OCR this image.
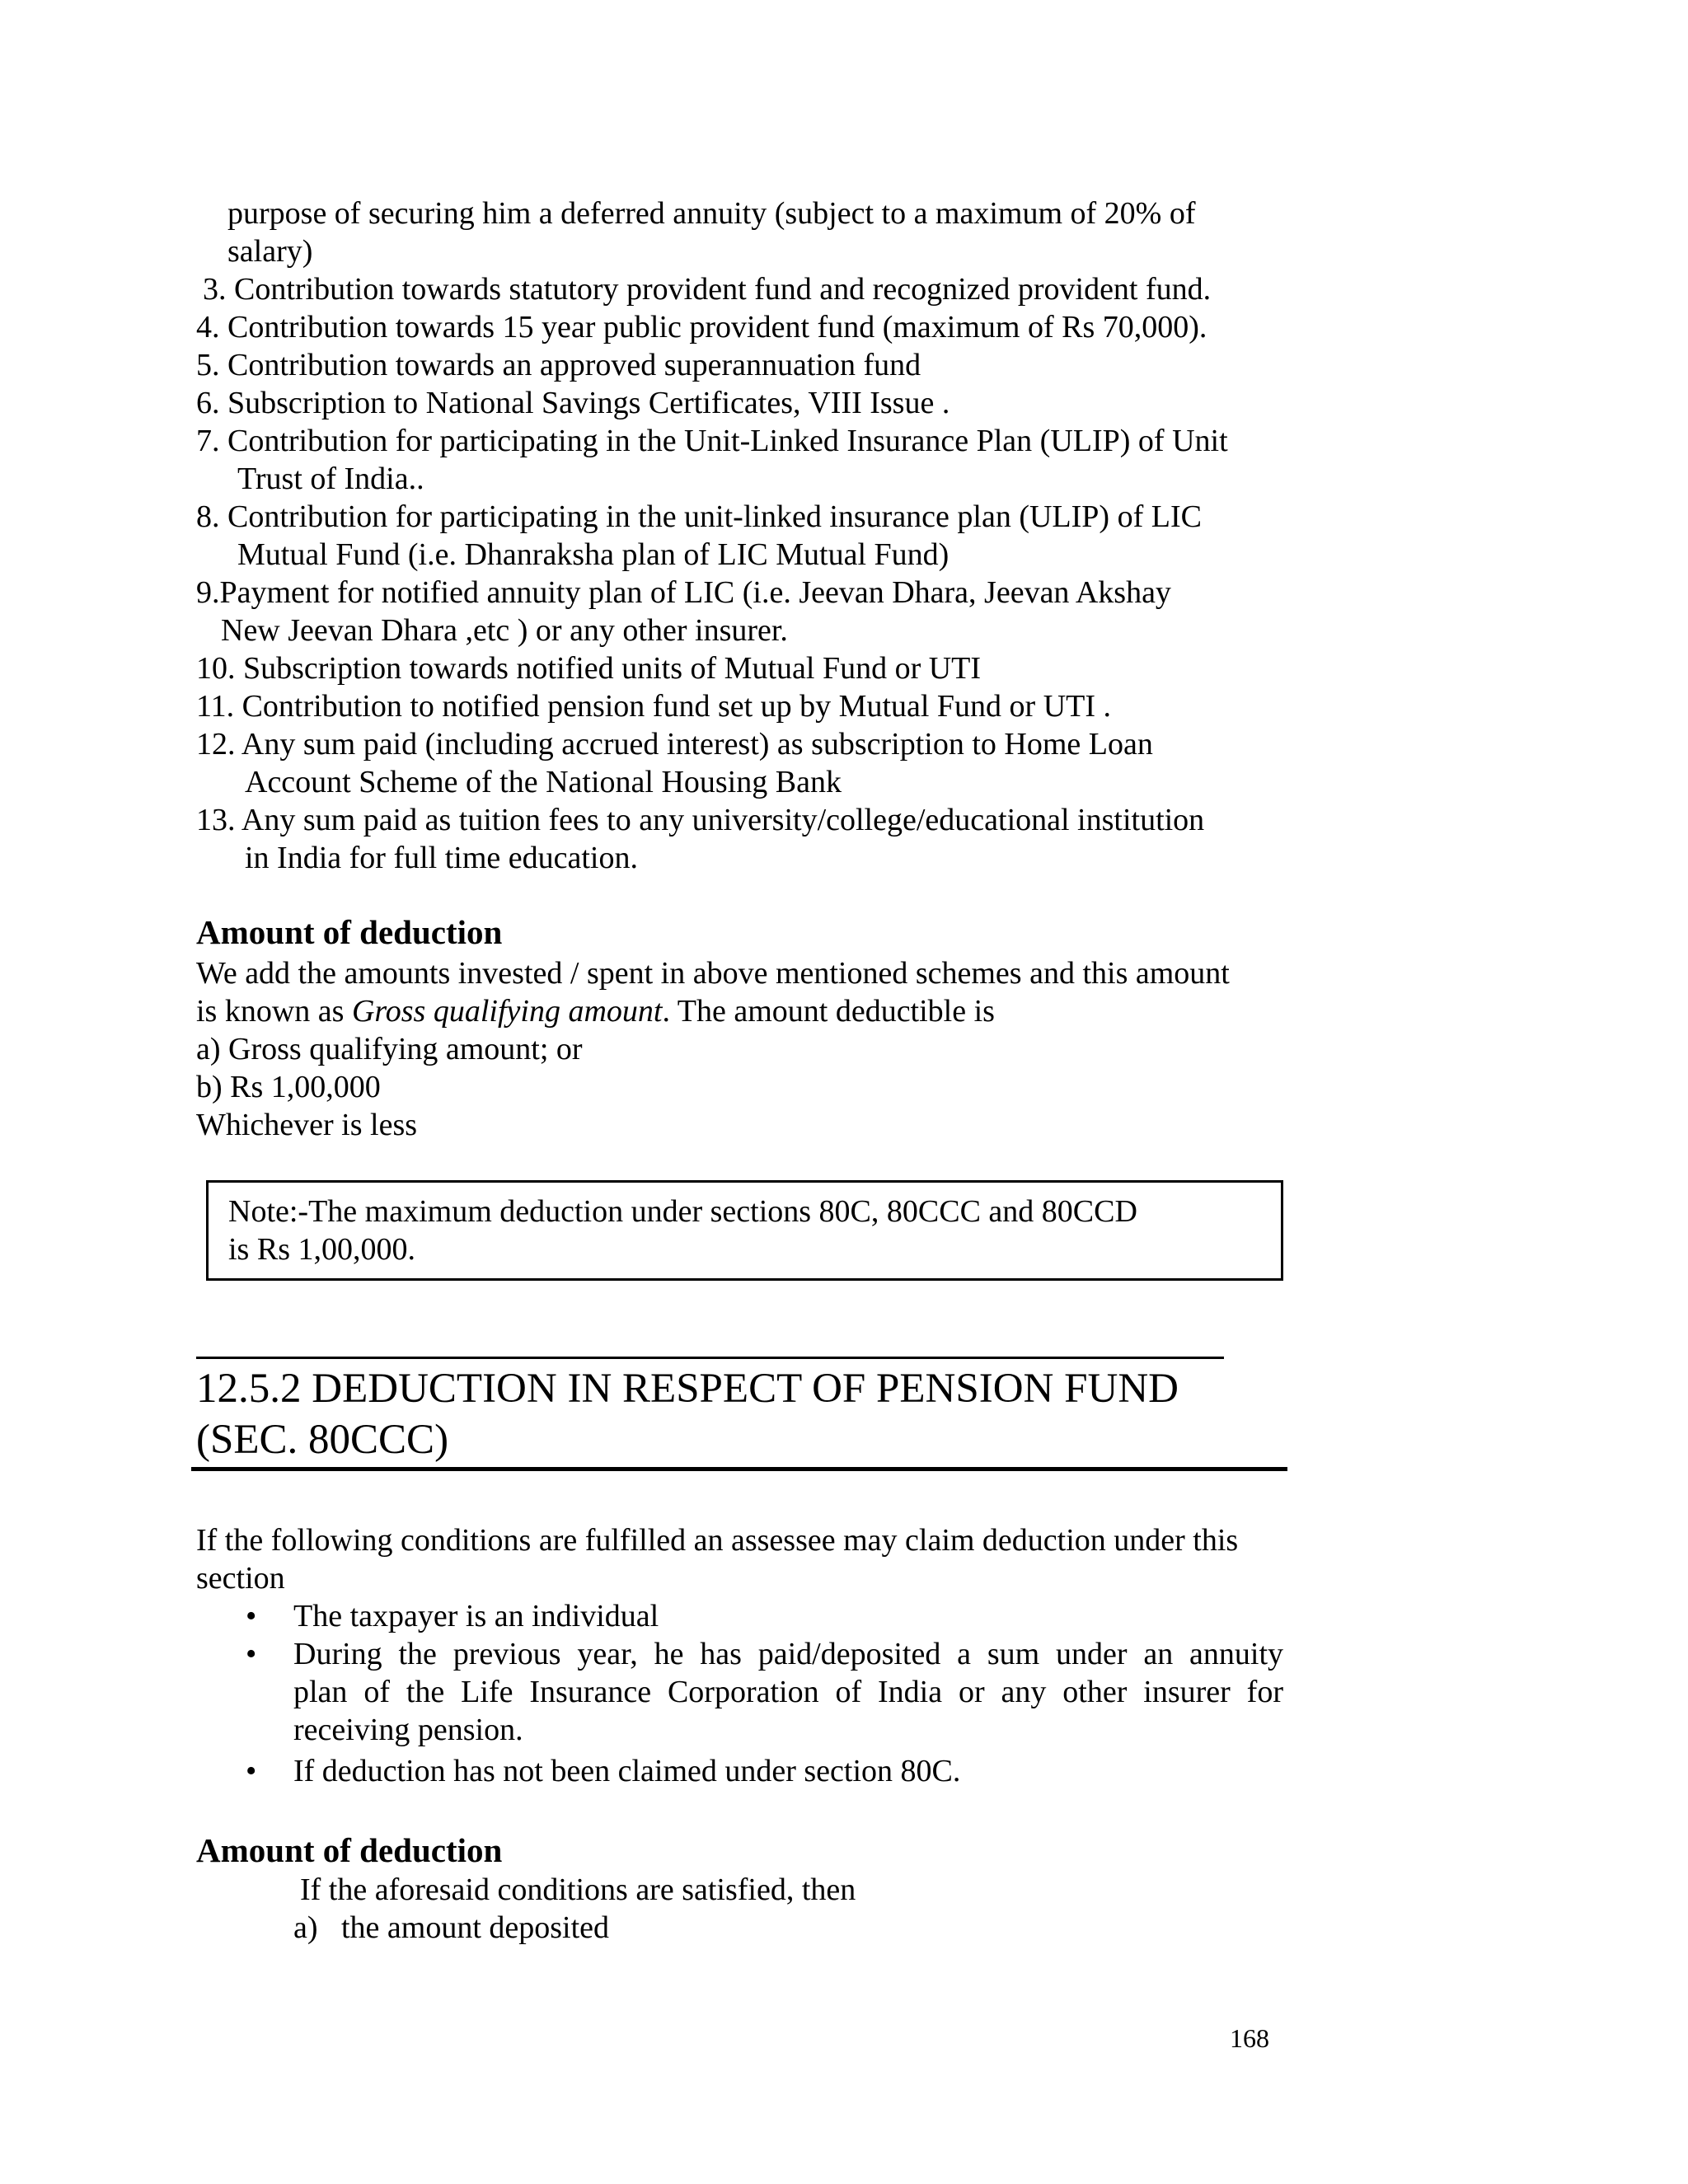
purpose of securing him a deferred annuity (subject to a maximum of 20% of
salary)
3. Contribution towards statutory provident fund and recognized provident fund.
4. Contribution towards 15 year public provident fund (maximum of Rs 70,000).
5. Contribution towards an approved superannuation fund
6. Subscription to National Savings Certificates, VIII Issue .
7. Contribution for participating in the Unit-Linked Insurance Plan (ULIP) of Unit
Trust of India..
8. Contribution for participating in the unit-linked insurance plan (ULIP) of LIC
Mutual Fund (i.e. Dhanraksha plan of LIC Mutual Fund)
9.Payment for notified annuity plan of LIC (i.e. Jeevan Dhara, Jeevan Akshay
New Jeevan Dhara ,etc ) or any other insurer.
10. Subscription towards notified units of Mutual Fund or UTI
11. Contribution to notified pension fund set up by Mutual Fund or UTI .
12. Any sum paid (including accrued interest) as subscription to Home Loan
Account Scheme of the National Housing Bank
13. Any sum paid as tuition fees to any university/college/educational institution
in India for full time education.
Amount of deduction
We add the amounts invested / spent in above mentioned schemes and this amount
is known as Gross qualifying amount. The amount deductible is
a) Gross qualifying amount; or
b) Rs 1,00,000
Whichever is less
Note:-The maximum deduction under sections 80C, 80CCC and 80CCD
is Rs 1,00,000.
12.5.2 DEDUCTION IN RESPECT OF PENSION FUND
(SEC. 80CCC)
If the following conditions are fulfilled an assessee may claim deduction under this
section
• The taxpayer is an individual
• During the previous year, he has paid/deposited a sum under an annuity
plan of the Life Insurance Corporation of India or any other insurer for
receiving pension.
• If deduction has not been claimed under section 80C.
Amount of deduction
If the aforesaid conditions are satisfied, then
a) the amount deposited
168
